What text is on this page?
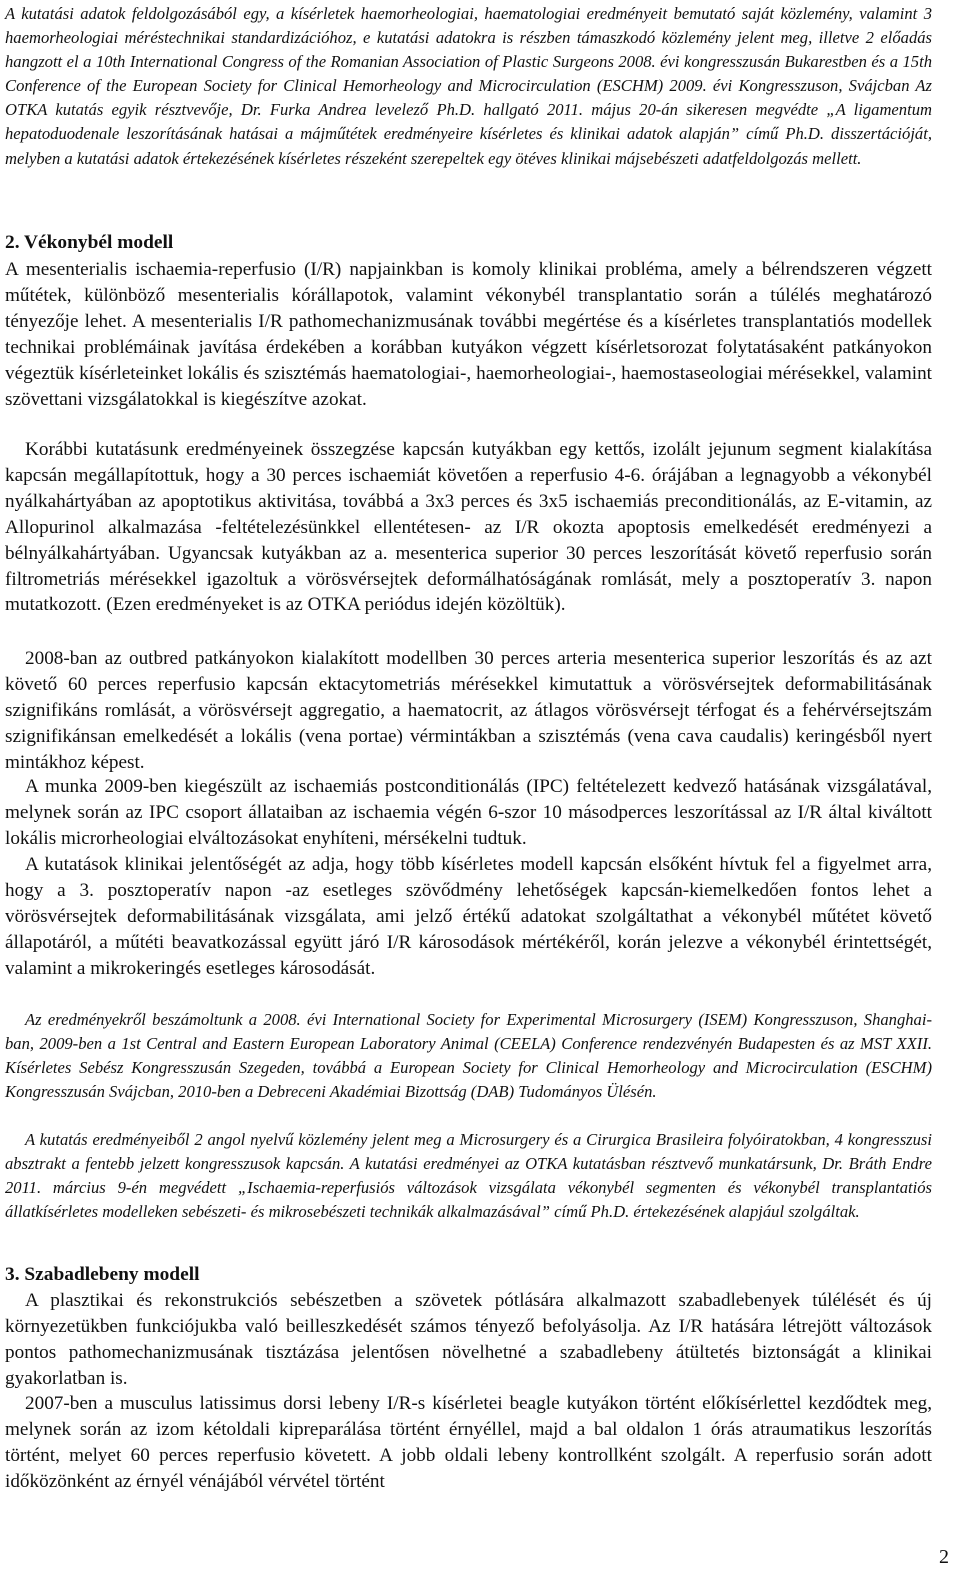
A kutatási adatok feldolgozásából egy, a kísérletek haemorheologiai, haematologiai eredményeit bemutató saját közlemény, valamint 3 haemorheologiai méréstechnikai standardizációhoz, e kutatási adatokra is részben támaszkodó közlemény jelent meg, illetve 2 előadás hangzott el a 10th International Congress of the Romanian Association of Plastic Surgeons 2008. évi kongresszusán Bukarestben és a 15th Conference of the European Society for Clinical Hemorheology and Microcirculation (ESCHM) 2009. évi Kongresszuson, Svájcban Az OTKA kutatás egyik résztvevője, Dr. Furka Andrea levelező Ph.D. hallgató 2011. május 20-án sikeresen megvédte „A ligamentum hepatoduodenale leszorításának hatásai a májműtétek eredményeire kísérletes és klinikai adatok alapján” című Ph.D. disszertációját, melyben a kutatási adatok értekezésének kísérletes részeként szerepeltek egy ötéves klinikai májsebészeti adatfeldolgozás mellett.

2. Vékonybél modell

A mesenterialis ischaemia-reperfusio (I/R) napjainkban is komoly klinikai probléma, amely a bélrendszeren végzett műtétek, különböző mesenterialis kórállapotok, valamint vékonybél transplantatio során a túlélés meghatározó tényezője lehet. A mesenterialis I/R pathomechanizmusának további megértése és a kísérletes transplantatiós modellek technikai problémáinak javítása érdekében a korábban kutyákon végzett kísérletsorozat folytatásaként patkányokon végeztük kísérleteinket lokális és szisztémás haematologiai-, haemorheologiai-, haemostaseologiai mérésekkel, valamint szövettani vizsgálatokkal is kiegészítve azokat.

Korábbi kutatásunk eredményeinek összegzése kapcsán kutyákban egy kettős, izolált jejunum segment kialakítása kapcsán megállapítottuk, hogy a 30 perces ischaemiát követően a reperfusio 4-6. órájában a legnagyobb a vékonybél nyálkahártyában az apoptotikus aktivitása, továbbá a 3x3 perces és 3x5 ischaemiás preconditionálás, az E-vitamin, az Allopurinol alkalmazása -feltételezésünkkel ellentétesen- az I/R okozta apoptosis emelkedését eredményezi a bélnyálkahártyában. Ugyancsak kutyákban az a. mesenterica superior 30 perces leszorítását követő reperfusio során filtrometriás mérésekkel igazoltuk a vörösvérsejtek deformálhatóságának romlását, mely a posztoperatív 3. napon mutatkozott. (Ezen eredményeket is az OTKA periódus idején közöltük).

2008-ban az outbred patkányokon kialakított modellben 30 perces arteria mesenterica superior leszorítás és az azt követő 60 perces reperfusio kapcsán ektacytometriás mérésekkel kimutattuk a vörösvérsejtek deformabilitásának szignifikáns romlását, a vörösvérsejt aggregatio, a haematocrit, az átlagos vörösvérsejt térfogat és a fehérvérsejtszám szignifikánsan emelkedését a lokális (vena portae) vérmintákban a szisztémás (vena cava caudalis) keringésből nyert mintákhoz képest.

A munka 2009-ben kiegészült az ischaemiás postconditionálás (IPC) feltételezett kedvező hatásának vizsgálatával, melynek során az IPC csoport állataiban az ischaemia végén 6-szor 10 másodperces leszorítással az I/R által kiváltott lokális microrheologiai elváltozásokat enyhíteni, mérsékelni tudtuk.

A kutatások klinikai jelentőségét az adja, hogy több kísérletes modell kapcsán elsőként hívtuk fel a figyelmet arra, hogy a 3. posztoperatív napon -az esetleges szövődmény lehetőségek kapcsán-kiemelkedően fontos lehet a vörösvérsejtek deformabilitásának vizsgálata, ami jelző értékű adatokat szolgáltathat a vékonybél műtétet követő állapotáról, a műtéti beavatkozással együtt járó I/R károsodások mértékéről, korán jelezve a vékonybél érintettségét, valamint a mikrokeringés esetleges károsodását.

Az eredményekről beszámoltunk a 2008. évi International Society for Experimental Microsurgery (ISEM) Kongresszuson, Shanghai-ban, 2009-ben a 1st Central and Eastern European Laboratory Animal (CEELA) Conference rendezvényén Budapesten és az MST XXII. Kísérletes Sebész Kongresszusán Szegeden, továbbá a European Society for Clinical Hemorheology and Microcirculation (ESCHM) Kongresszusán Svájcban, 2010-ben a Debreceni Akadémiai Bizottság (DAB) Tudományos Ülésén.

A kutatás eredményeiből 2 angol nyelvű közlemény jelent meg a Microsurgery és a Cirurgica Brasileira folyóiratokban, 4 kongresszusi absztrakt a fentebb jelzett kongresszusok kapcsán. A kutatási eredményei az OTKA kutatásban résztvevő munkatársunk, Dr. Bráth Endre 2011. március 9-én megvédett „Ischaemia-reperfusiós változások vizsgálata vékonybél segmenten és vékonybél transplantatiós állatkísérletes modelleken sebészeti- és mikrosebészeti technikák alkalmazásával” című Ph.D. értekezésének alapjául szolgáltak.

3. Szabadlebeny modell

A plasztikai és rekonstrukciós sebészetben a szövetek pótlására alkalmazott szabadlebenyek túlélését és új környezetükben funkciójukba való beilleszkedését számos tényező befolyásolja. Az I/R hatására létrejött változások pontos pathomechanizmusának tisztázása jelentősen növelhetné a szabadlebeny átültetés biztonságát a klinikai gyakorlatban is.

2007-ben a musculus latissimus dorsi lebeny I/R-s kísérletei beagle kutyákon történt előkísérlettel kezdődtek meg, melynek során az izom kétoldali kipreparálása történt érnyéllel, majd a bal oldalon 1 órás atraumatikus leszorítás történt, melyet 60 perces reperfusio követett. A jobb oldali lebeny kontrollként szolgált. A reperfusio során adott időközönként az érnyél vénájából vérvétel történt

2
